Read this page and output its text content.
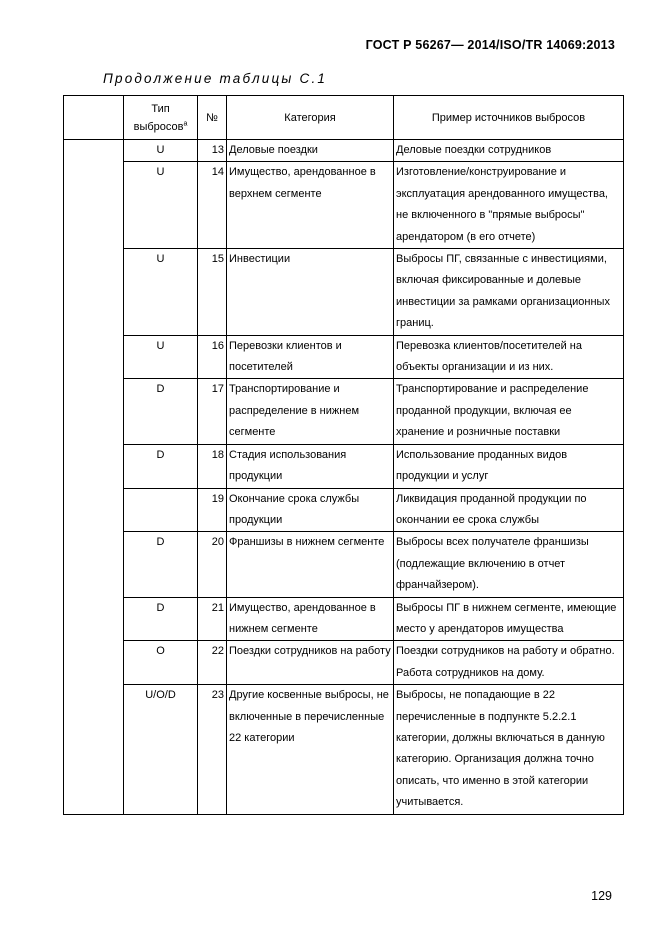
ГОСТ Р 56267— 2014/ISO/TR 14069:2013
Продолжение таблицы С.1
	Тип выбросов$^a$	№	Категория	Пример источников выбросов
	U	13	Деловые поездки	Деловые поездки сотрудников
	U	14	Имущество, арендованное в верхнем сегменте	Изготовление/конструирование и эксплуатация арендованного имущества, не включенного в "прямые выбросы" арендатором (в его отчете)
	U	15	Инвестиции	Выбросы ПГ, связанные с инвестициями, включая фиксированные и долевые инвестиции за рамками организационных границ.
	U	16	Перевозки клиентов и посетителей	Перевозка клиентов/посетителей на объекты организации и из них.
	D	17	Транспортирование и распределение в нижнем сегменте	Транспортирование и распределение проданной продукции, включая ее хранение и розничные поставки
	D	18	Стадия использования продукции	Использование проданных видов продукции и услуг
		19	Окончание срока службы продукции	Ликвидация проданной продукции по окончании ее срока службы
	D	20	Франшизы в нижнем сегменте	Выбросы всех получателе франшизы (подлежащие включению в отчет франчайзером).
	D	21	Имущество, арендованное в нижнем сегменте	Выбросы ПГ в нижнем сегменте, имеющие место у арендаторов имущества
	O	22	Поездки сотрудников на работу	Поездки сотрудников на работу и обратно. Работа сотрудников на дому.
	U/O/D	23	Другие косвенные выбросы, не включенные в перечисленные 22 категории	Выбросы, не попадающие в 22 перечисленные в подпункте 5.2.2.1 категории, должны включаться в данную категорию. Организация должна точно описать, что именно в этой категории учитывается.
129
